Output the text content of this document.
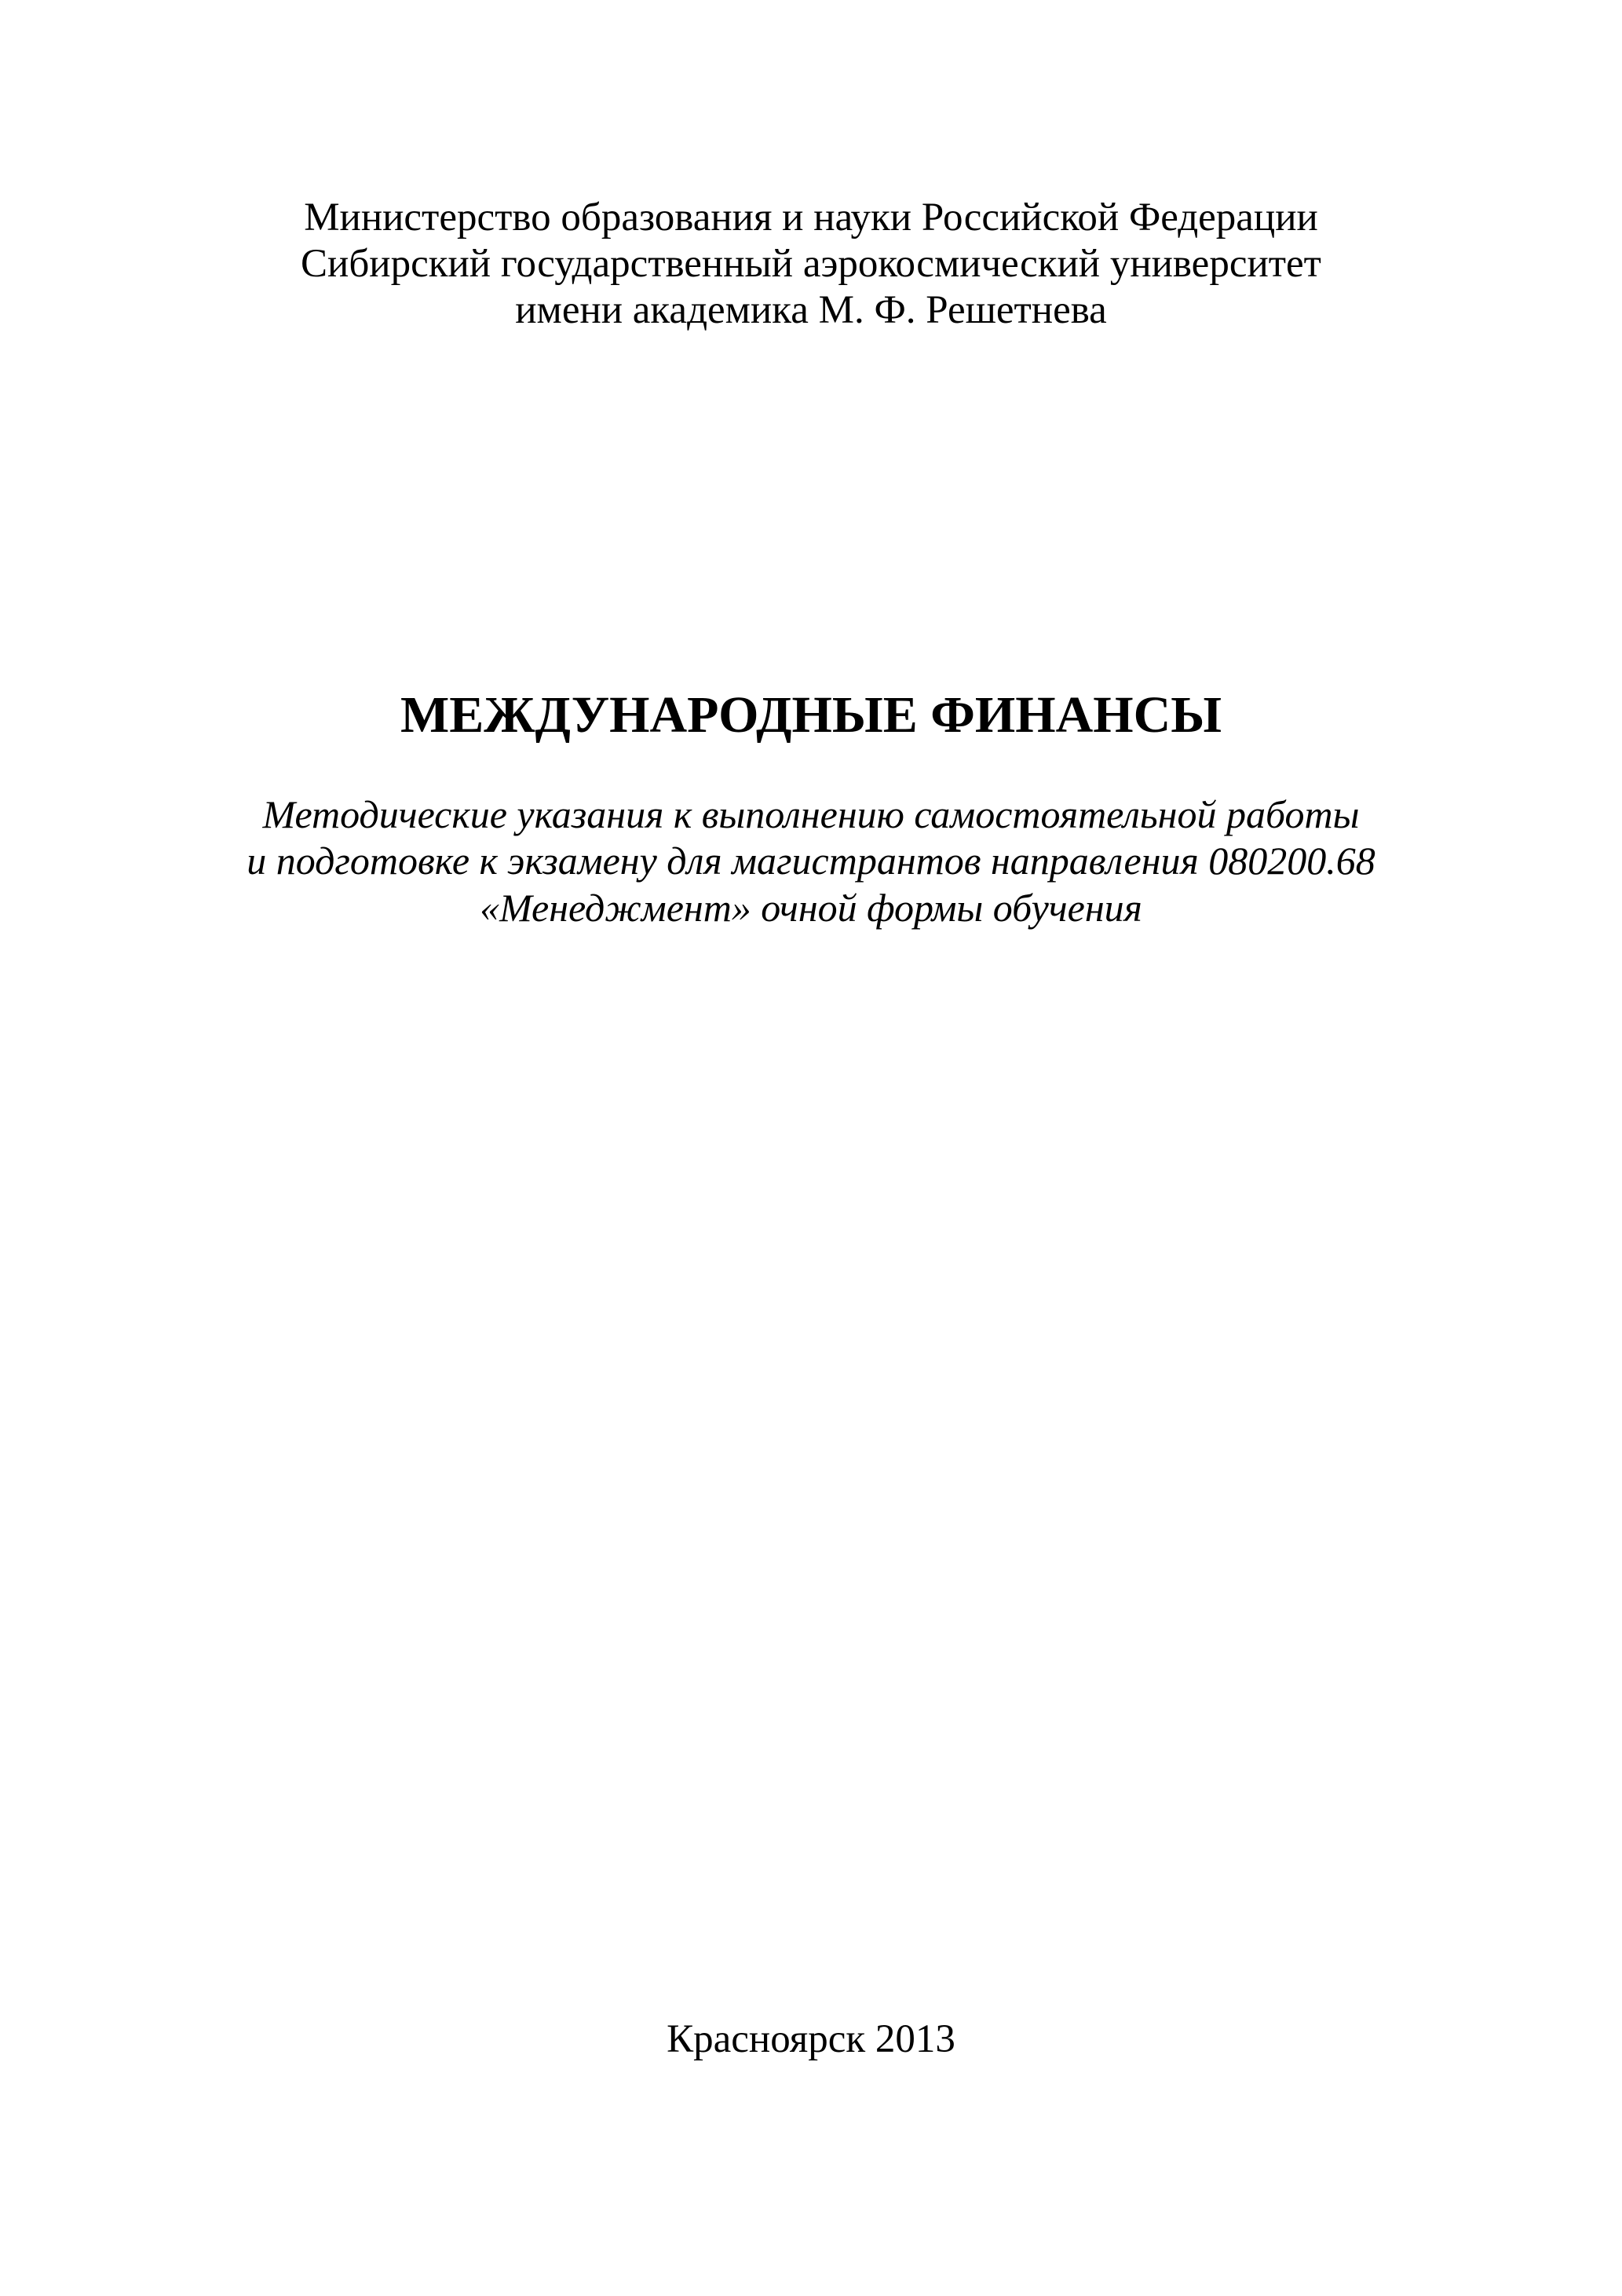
Министерство образования и науки Российской Федерации
Сибирский государственный аэрокосмический университет
имени академика М. Ф. Решетнева
МЕЖДУНАРОДНЫЕ ФИНАНСЫ
Методические указания к выполнению самостоятельной работы
и подготовке к экзамену для магистрантов направления 080200.68
«Менеджмент» очной формы обучения
Красноярск 2013
